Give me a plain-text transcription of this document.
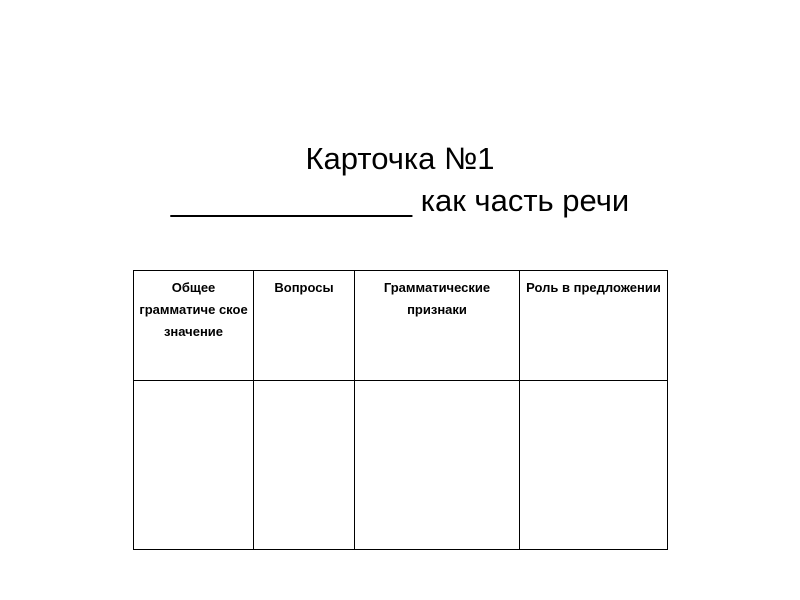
Карточка №1
______________ как часть речи
Общее грамматиче ское значение	Вопросы	Грамматические признаки	Роль в предложении
